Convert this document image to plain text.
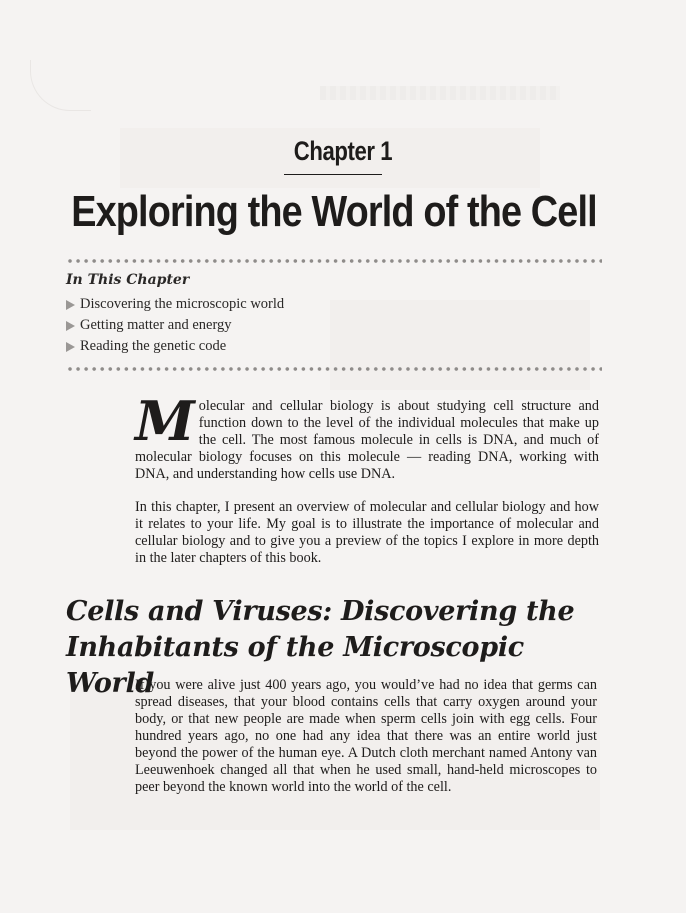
Chapter 1
Exploring the World of the Cell
In This Chapter
Discovering the microscopic world
Getting matter and energy
Reading the genetic code

Molecular and cellular biology is about studying cell structure and function down to the level of the individual molecules that make up the cell. The most famous molecule in cells is DNA, and much of molecular biology focuses on this molecule — reading DNA, working with DNA, and understanding how cells use DNA.

In this chapter, I present an overview of molecular and cellular biology and how it relates to your life. My goal is to illustrate the importance of molecular and cellular biology and to give you a preview of the topics I explore in more depth in the later chapters of this book.

Cells and Viruses: Discovering the
Inhabitants of the Microscopic World

If you were alive just 400 years ago, you would’ve had no idea that germs can spread diseases, that your blood contains cells that carry oxygen around your body, or that new people are made when sperm cells join with egg cells. Four hundred years ago, no one had any idea that there was an entire world just beyond the power of the human eye. A Dutch cloth merchant named Antony van Leeuwenhoek changed all that when he used small, hand-held microscopes to peer beyond the known world into the world of the cell.
